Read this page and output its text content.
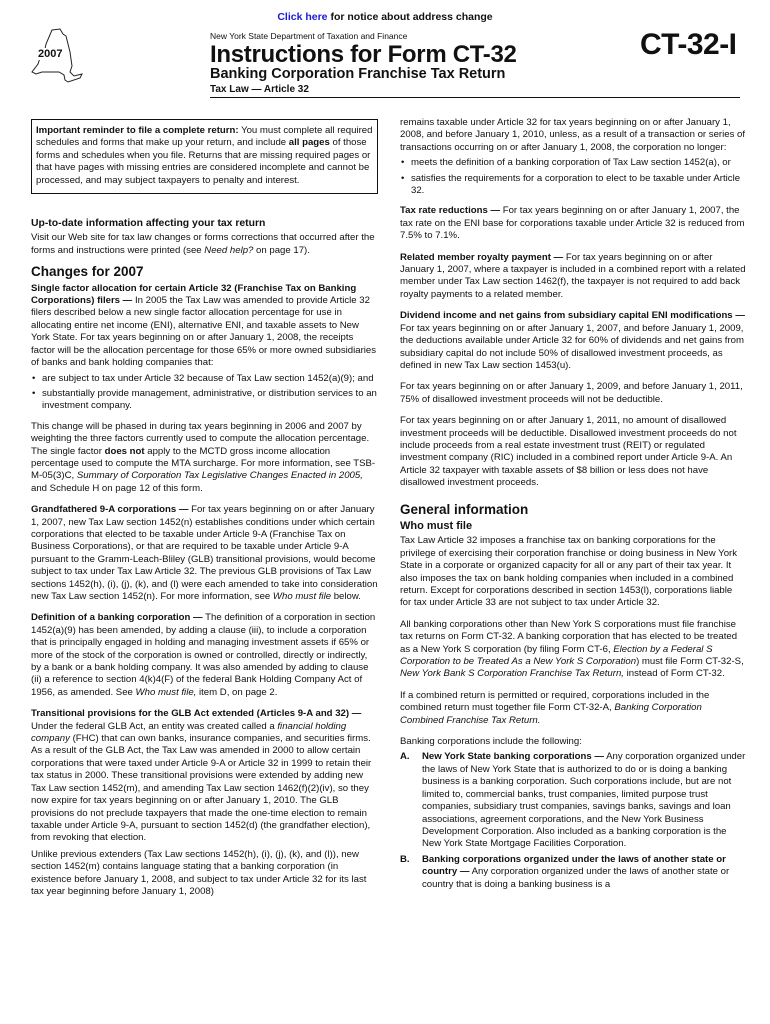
Click here for notice about address change
2007
New York State Department of Taxation and Finance
Instructions for Form CT-32	CT-32-I
Banking Corporation Franchise Tax Return
Tax Law — Article 32
Important reminder to file a complete return: You must complete all required schedules and forms that make up your return, and include all pages of those forms and schedules when you file. Returns that are missing required pages or that have pages with missing entries are considered incomplete and cannot be processed, and may subject taxpayers to penalty and interest.
Up-to-date information affecting your tax return

Visit our Web site for tax law changes or forms corrections that occurred after the forms and instructions were printed (see Need help? on page 17).

Changes for 2007

Single factor allocation for certain Article 32 (Franchise Tax on Banking Corporations) filers — In 2005 the Tax Law was amended to provide Article 32 filers described below a new single factor allocation percentage for use in allocating entire net income (ENI), alternative ENI, and taxable assets to New York State. For tax years beginning on or after January 1, 2008, the receipts factor will be the allocation percentage for those 65% or more owned subsidiaries of banks and bank holding companies that:

• are subject to tax under Article 32 because of Tax Law section 1452(a)(9); and
• substantially provide management, administrative, or distribution services to an investment company.

This change will be phased in during tax years beginning in 2006 and 2007 by weighting the three factors currently used to compute the allocation percentage. The single factor does not apply to the MCTD gross income allocation percentage used to compute the MTA surcharge. For more information, see TSB-M-05(3)C, Summary of Corporation Tax Legislative Changes Enacted in 2005, and Schedule H on page 12 of this form.

Grandfathered 9-A corporations — For tax years beginning on or after January 1, 2007, new Tax Law section 1452(n) establishes conditions under which certain corporations that elected to be taxable under Article 9-A (Franchise Tax on Business Corporations), or that are required to be taxable under Article 9-A pursuant to the Gramm-Leach-Bliley (GLB) transitional provisions, would become subject to tax under Tax Law Article 32. The previous GLB provisions of Tax Law sections 1452(h), (i), (j), (k), and (l) were each amended to take into consideration new Tax Law section 1452(n). For more information, see Who must file below.

Definition of a banking corporation — The definition of a corporation in section 1452(a)(9) has been amended, by adding a clause (iii), to include a corporation that is principally engaged in holding and managing investment assets if 65% or more of the stock of the corporation is owned or controlled, directly or indirectly, by a bank or a bank holding company. It was also amended by adding to clause (ii) a reference to section 4(k)4(F) of the federal Bank Holding Company Act of 1956, as amended. See Who must file, item D, on page 2.

Transitional provisions for the GLB Act extended (Articles 9-A and 32) — Under the federal GLB Act, an entity was created called a financial holding company (FHC) that can own banks, insurance companies, and securities firms. As a result of the GLB Act, the Tax Law was amended in 2000 to allow certain corporations that were taxed under Article 9-A or Article 32 in 1999 to retain their tax status in 2000. These transitional provisions were extended by adding new Tax Law section 1452(m), and amending Tax Law section 1462(f)(2)(iv), so they now expire for tax years beginning on or after January 1, 2010. The GLB provisions do not preclude taxpayers that made the one-time election to remain taxable under Article 9-A, pursuant to section 1452(d) (the grandfather election), from revoking that election.

Unlike previous extenders (Tax Law sections 1452(h), (i), (j), (k), and (l)), new section 1452(m) contains language stating that a banking corporation (in existence before January 1, 2008, and subject to tax under Article 32 for its last tax year beginning before January 1, 2008)

remains taxable under Article 32 for tax years beginning on or after January 1, 2008, and before January 1, 2010, unless, as a result of a transaction or series of transactions occurring on or after January 1, 2008, the corporation no longer:

• meets the definition of a banking corporation of Tax Law section 1452(a), or
• satisfies the requirements for a corporation to elect to be taxable under Article 32.

Tax rate reductions — For tax years beginning on or after January 1, 2007, the tax rate on the ENI base for corporations taxable under Article 32 is reduced from 7.5% to 7.1%.

Related member royalty payment — For tax years beginning on or after January 1, 2007, where a taxpayer is included in a combined report with a related member under Tax Law section 1462(f), the taxpayer is not required to add back royalty payments to a related member.

Dividend income and net gains from subsidiary capital ENI modifications — For tax years beginning on or after January 1, 2007, and before January 1, 2009, the deductions available under Article 32 for 60% of dividends and net gains from subsidiary capital do not include 50% of disallowed investment proceeds, as defined in new Tax Law section 1453(u).

For tax years beginning on or after January 1, 2009, and before January 1, 2011, 75% of disallowed investment proceeds will not be deductible.

For tax years beginning on or after January 1, 2011, no amount of disallowed investment proceeds will be deductible. Disallowed investment proceeds do not include proceeds from a real estate investment trust (REIT) or regulated investment company (RIC) included in a combined report under Article 9-A. An Article 32 taxpayer with taxable assets of $8 billion or less does not have disallowed investment proceeds.

General information
Who must file

Tax Law Article 32 imposes a franchise tax on banking corporations for the privilege of exercising their corporation franchise or doing business in New York State in a corporate or organized capacity for all or any part of their tax year. It also imposes the tax on bank holding companies when included in a combined return. Except for corporations described in section 1453(l), corporations liable for tax under Article 33 are not subject to tax under Article 32.

All banking corporations other than New York S corporations must file franchise tax returns on Form CT-32. A banking corporation that has elected to be treated as a New York S corporation (by filing Form CT-6, Election by a Federal S Corporation to be Treated As a New York S Corporation) must file Form CT-32-S, New York Bank S Corporation Franchise Tax Return, instead of Form CT-32.

If a combined return is permitted or required, corporations included in the combined return must together file Form CT-32-A, Banking Corporation Combined Franchise Tax Return.

Banking corporations include the following:

A. New York State banking corporations — Any corporation organized under the laws of New York State that is authorized to do or is doing a banking business is a banking corporation. Such corporations include, but are not limited to, commercial banks, trust companies, limited purpose trust companies, subsidiary trust companies, savings banks, savings and loan associations, agreement corporations, and the New York Business Development Corporation. Also included as a banking corporation is the New York State Mortgage Facilities Corporation.
B. Banking corporations organized under the laws of another state or country — Any corporation organized under the laws of another state or country that is doing a banking business is a
